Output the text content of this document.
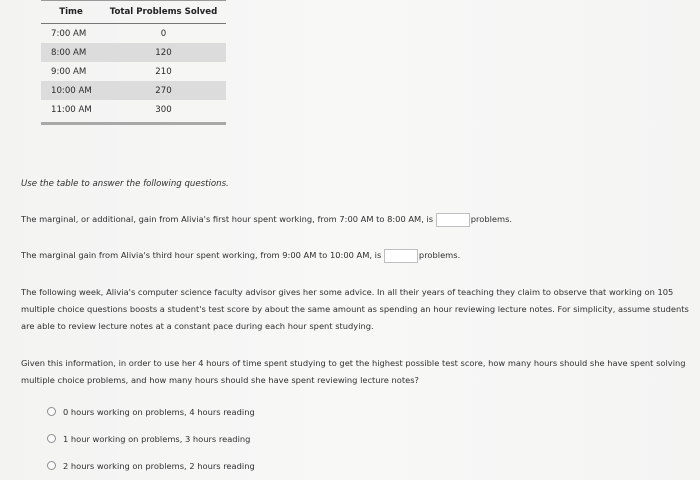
Time	Total Problems Solved
7:00 AM	0
8:00 AM	120
9:00 AM	210
10:00 AM	270
11:00 AM	300
Use the table to answer the following questions.
The marginal, or additional, gain from Alivia's first hour spent working, from 7:00 AM to 8:00 AM, is	problems.
The marginal gain from Alivia's third hour spent working, from 9:00 AM to 10:00 AM, is	problems.
The following week, Alivia's computer science faculty advisor gives her some advice. In all their years of teaching they claim to observe that working on 105 multiple choice questions boosts a student's test score by about the same amount as spending an hour reviewing lecture notes. For simplicity, assume students are able to review lecture notes at a constant pace during each hour spent studying.
Given this information, in order to use her 4 hours of time spent studying to get the highest possible test score, how many hours should she have spent solving multiple choice problems, and how many hours should she have spent reviewing lecture notes?
0 hours working on problems, 4 hours reading
1 hour working on problems, 3 hours reading
2 hours working on problems, 2 hours reading
